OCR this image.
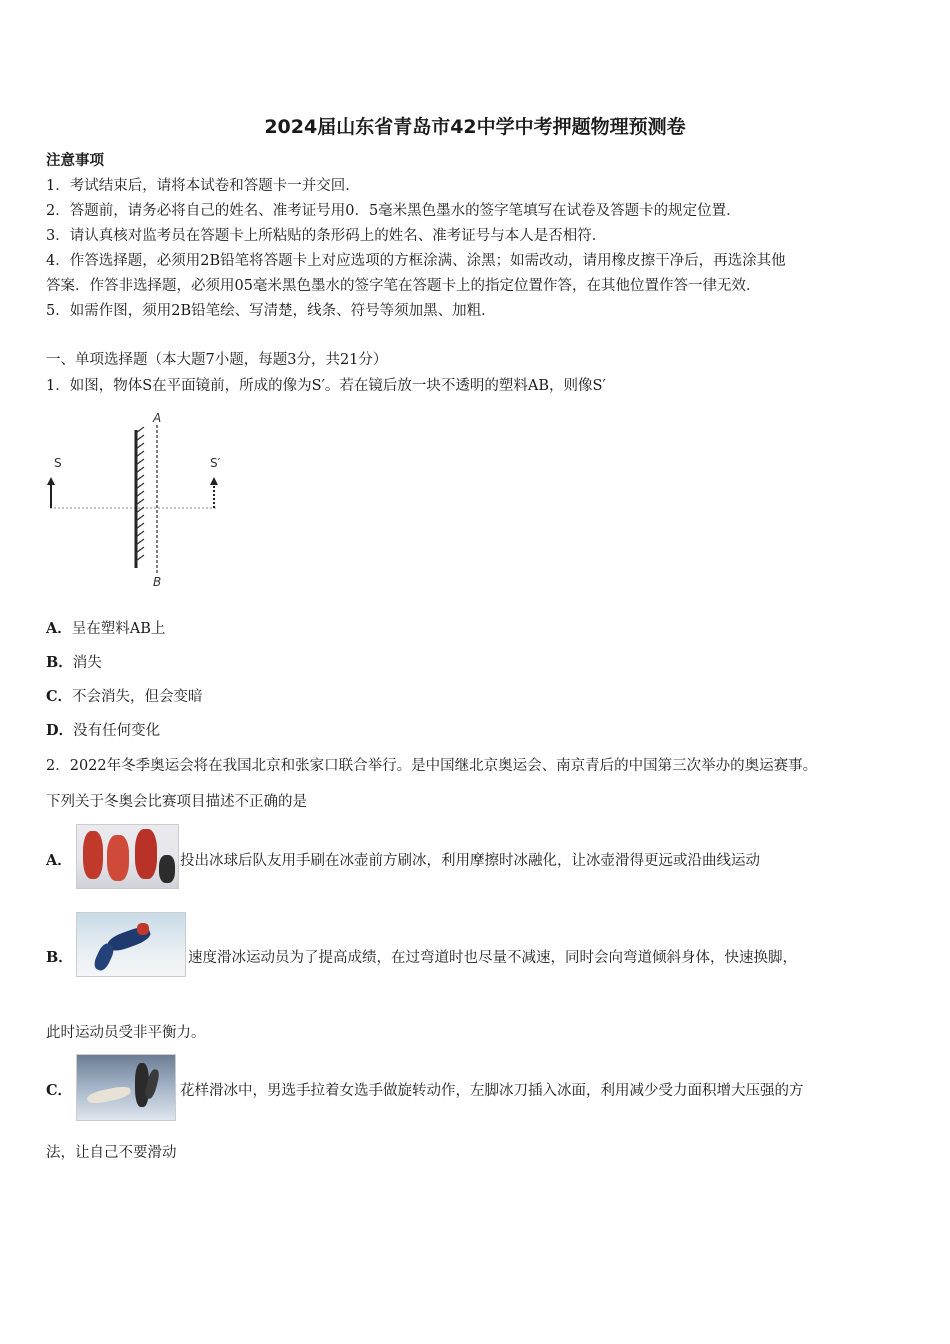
2024届山东省青岛市42中学中考押题物理预测卷
注意事项
1．考试结束后，请将本试卷和答题卡一并交回．
2．答题前，请务必将自己的姓名、准考证号用0．5毫米黑色墨水的签字笔填写在试卷及答题卡的规定位置．
3．请认真核对监考员在答题卡上所粘贴的条形码上的姓名、准考证号与本人是否相符．
4．作答选择题，必须用2B铅笔将答题卡上对应选项的方框涂满、涂黑；如需改动，请用橡皮擦干净后，再选涂其他
答案．作答非选择题，必须用05毫米黑色墨水的签字笔在答题卡上的指定位置作答，在其他位置作答一律无效．
5．如需作图，须用2B铅笔绘、写清楚，线条、符号等须加黑、加粗．
一、单项选择题（本大题7小题，每题3分，共21分）
1．如图，物体S在平面镜前，所成的像为S′。若在镜后放一块不透明的塑料AB，则像S′
A
B
S	S′
A．呈在塑料AB上
B．消失
C．不会消失，但会变暗
D．没有任何变化
2．2022年冬季奥运会将在我国北京和张家口联合举行。是中国继北京奥运会、南京青后的中国第三次举办的奥运赛事。
下列关于冬奥会比赛项目描述不正确的是
A．	投出冰球后队友用手刷在冰壶前方刷冰，利用摩擦时冰融化，让冰壶滑得更远或沿曲线运动
B．	速度滑冰运动员为了提高成绩，在过弯道时也尽量不减速，同时会向弯道倾斜身体，快速换脚，
此时运动员受非平衡力。
C．	花样滑冰中，男选手拉着女选手做旋转动作，左脚冰刀插入冰面，利用减少受力面积增大压强的方
法，让自己不要滑动
